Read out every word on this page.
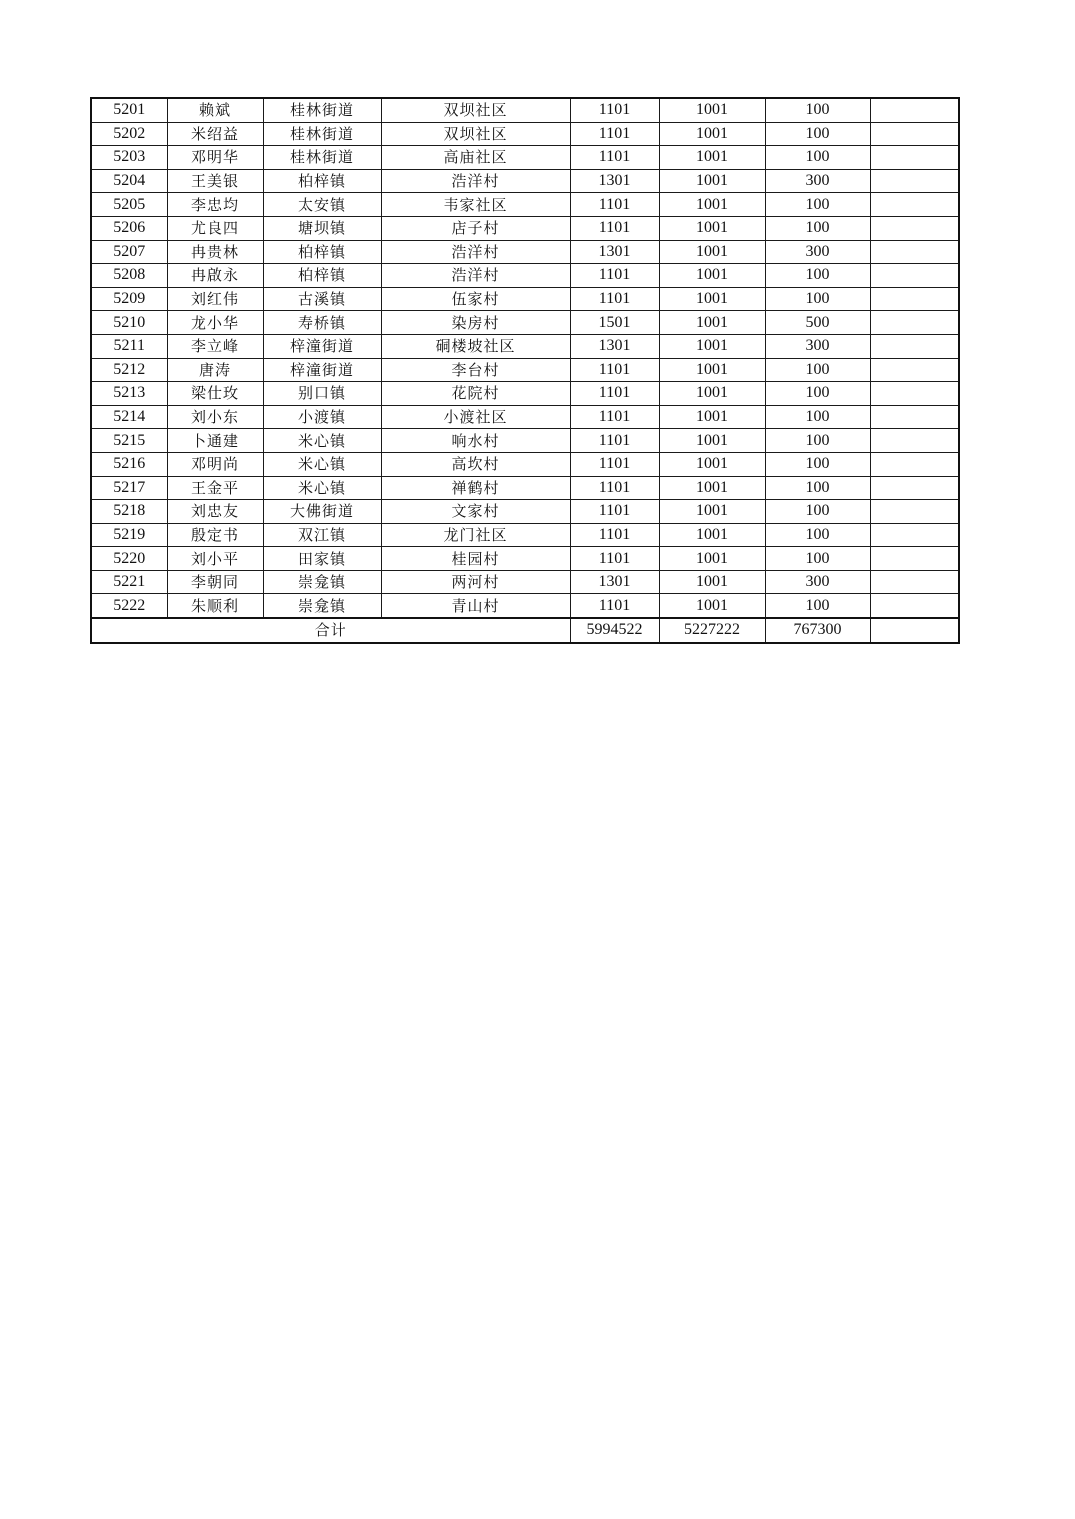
5201	赖斌	桂林街道	双坝社区	1101	1001	100	
5202	米绍益	桂林街道	双坝社区	1101	1001	100	
5203	邓明华	桂林街道	高庙社区	1101	1001	100	
5204	王美银	柏梓镇	浩洋村	1301	1001	300	
5205	李忠均	太安镇	韦家社区	1101	1001	100	
5206	尤良四	塘坝镇	店子村	1101	1001	100	
5207	冉贵林	柏梓镇	浩洋村	1301	1001	300	
5208	冉啟永	柏梓镇	浩洋村	1101	1001	100	
5209	刘红伟	古溪镇	伍家村	1101	1001	100	
5210	龙小华	寿桥镇	染房村	1501	1001	500	
5211	李立峰	梓潼街道	硐楼坡社区	1301	1001	300	
5212	唐涛	梓潼街道	李台村	1101	1001	100	
5213	梁仕玫	别口镇	花院村	1101	1001	100	
5214	刘小东	小渡镇	小渡社区	1101	1001	100	
5215	卜通建	米心镇	响水村	1101	1001	100	
5216	邓明尚	米心镇	高坎村	1101	1001	100	
5217	王金平	米心镇	禅鹤村	1101	1001	100	
5218	刘忠友	大佛街道	文家村	1101	1001	100	
5219	殷定书	双江镇	龙门社区	1101	1001	100	
5220	刘小平	田家镇	桂园村	1101	1001	100	
5221	李朝同	崇龛镇	两河村	1301	1001	300	
5222	朱顺利	崇龛镇	青山村	1101	1001	100	
合计				5994522	5227222	767300	
